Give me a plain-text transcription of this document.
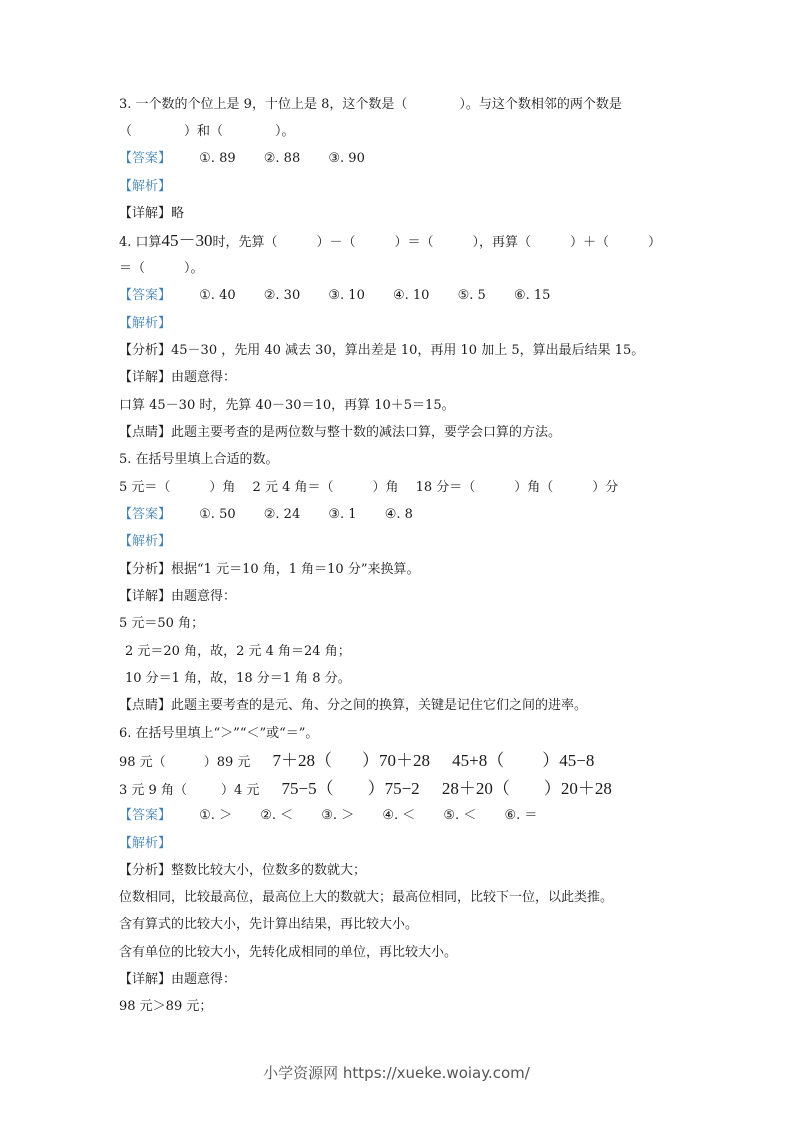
3. 一个数的个位上是 9，十位上是 8，这个数是（　　　　）。与这个数相邻的两个数是
（　　　　）和（　　　　）。
【答案】 ①. 89 ②. 88 ③. 90
【解析】
【详解】略
4. 口算45－30时，先算（　　　）－（　　　）＝（　　　），再算（　　　）＋（　　　）
＝（　　　）。
【答案】 ①. 40 ②. 30 ③. 10 ④. 10 ⑤. 5 ⑥. 15
【解析】
【分析】45－30 ，先用 40 减去 30，算出差是 10，再用 10 加上 5，算出最后结果 15。
【详解】由题意得：
口算 45－30 时，先算 40－30＝10，再算 10＋5＝15。
【点睛】此题主要考查的是两位数与整十数的减法口算，要学会口算的方法。
5. 在括号里填上合适的数。
5 元＝（　　　）角　 2 元 4 角＝（　　　）角　 18 分＝（　　　）角（　　　）分
【答案】 ①. 50 ②. 24 ③. 1 ④. 8
【解析】
【分析】根据“1 元＝10 角，1 角＝10 分”来换算。
【详解】由题意得：
5 元＝50 角；
2 元＝20 角，故，2 元 4 角＝24 角；
10 分＝1 角，故，18 分＝1 角 8 分。
【点睛】此题主要考查的是元、角、分之间的换算，关键是记住它们之间的进率。
6. 在括号里填上“＞”“＜”或“＝”。
98 元（	）89 元 7＋28（ ）70＋28 45+8（ ）45−8
3 元 9 角（	）4 元 75−5（ ）75−2 28＋20（ ）20＋28
【答案】 ①. ＞ ②. ＜ ③. ＞ ④. ＜ ⑤. ＜ ⑥. ＝
【解析】
【分析】整数比较大小，位数多的数就大；
位数相同，比较最高位，最高位上大的数就大；最高位相同，比较下一位，以此类推。
含有算式的比较大小，先计算出结果，再比较大小。
含有单位的比较大小，先转化成相同的单位，再比较大小。
【详解】由题意得：
98 元＞89 元；
小学资源网 https://xueke.woiay.com/
